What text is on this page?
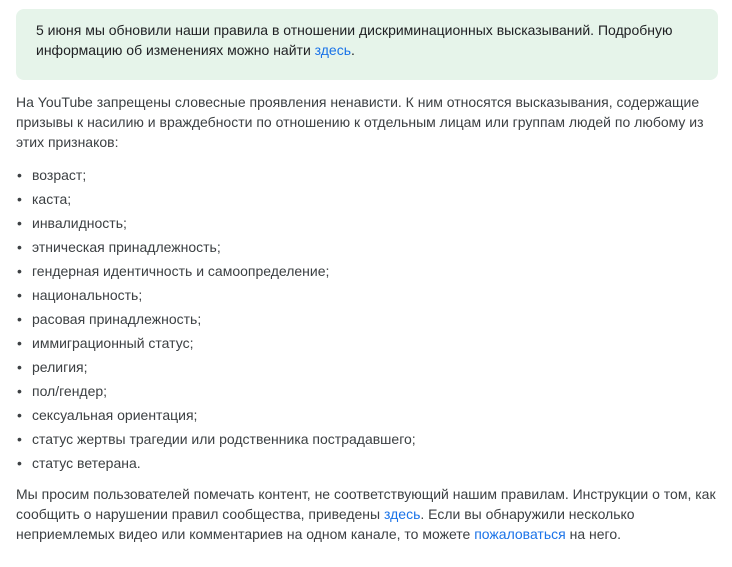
5 июня мы обновили наши правила в отношении дискриминационных высказываний. Подробную информацию об изменениях можно найти здесь.

На YouTube запрещены словесные проявления ненависти. К ним относятся высказывания, содержащие призывы к насилию и враждебности по отношению к отдельным лицам или группам людей по любому из этих признаков:

• возраст;
• каста;
• инвалидность;
• этническая принадлежность;
• гендерная идентичность и самоопределение;
• национальность;
• расовая принадлежность;
• иммиграционный статус;
• религия;
• пол/гендер;
• сексуальная ориентация;
• статус жертвы трагедии или родственника пострадавшего;
• статус ветерана.

Мы просим пользователей помечать контент, не соответствующий нашим правилам. Инструкции о том, как сообщить о нарушении правил сообщества, приведены здесь. Если вы обнаружили несколько неприемлемых видео или комментариев на одном канале, то можете пожаловаться на него.
